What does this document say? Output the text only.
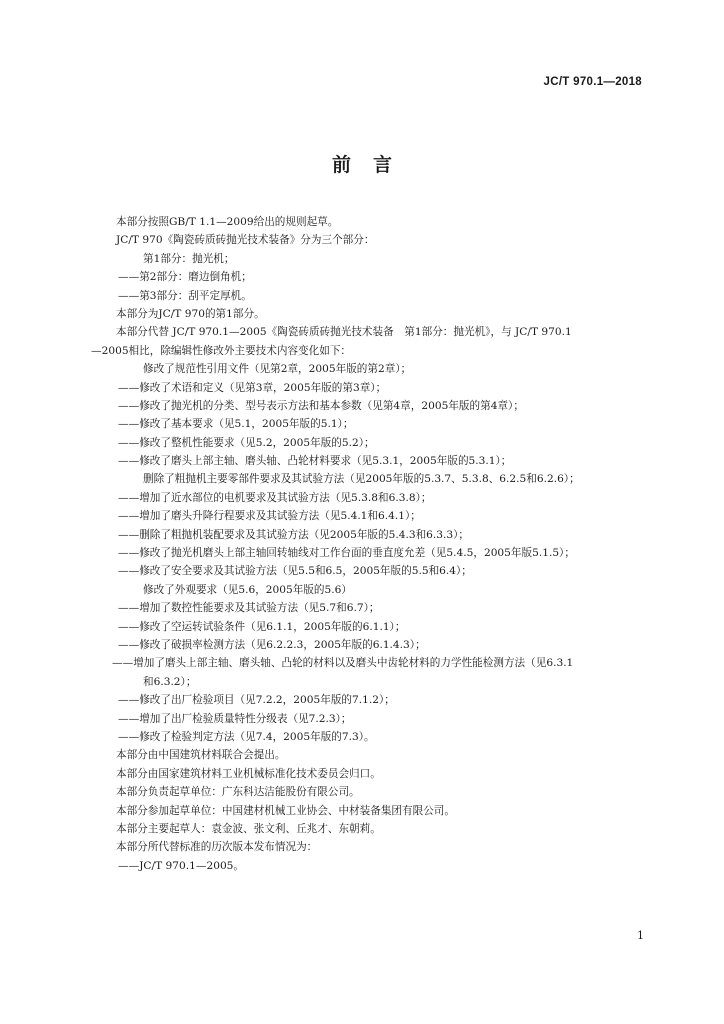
JC/T 970.1—2018
前言
本部分按照GB/T 1.1—2009给出的规则起草。
JC/T 970《陶瓷砖质砖抛光技术装备》分为三个部分：
第1部分：抛光机；
——第2部分：磨边倒角机；
——第3部分：刮平定厚机。
本部分为JC/T 970的第1部分。
本部分代替 JC/T 970.1—2005《陶瓷砖质砖抛光技术装备　第1部分：抛光机》，与 JC/T 970.1
—2005相比，除编辑性修改外主要技术内容变化如下：
修改了规范性引用文件（见第2章，2005年版的第2章）；
——修改了术语和定义（见第3章，2005年版的第3章）；
——修改了抛光机的分类、型号表示方法和基本参数（见第4章，2005年版的第4章）；
——修改了基本要求（见5.1，2005年版的5.1）；
——修改了整机性能要求（见5.2，2005年版的5.2）；
——修改了磨头上部主轴、磨头轴、凸轮材料要求（见5.3.1，2005年版的5.3.1）；
删除了粗抛机主要零部件要求及其试验方法（见2005年版的5.3.7、5.3.8、6.2.5和6.2.6）；
——增加了近水部位的电机要求及其试验方法（见5.3.8和6.3.8）；
——增加了磨头升降行程要求及其试验方法（见5.4.1和6.4.1）；
——删除了粗抛机装配要求及其试验方法（见2005年版的5.4.3和6.3.3）；
——修改了抛光机磨头上部主轴回转轴线对工作台面的垂直度允差（见5.4.5，2005年版5.1.5）；
——修改了安全要求及其试验方法（见5.5和6.5，2005年版的5.5和6.4）；
修改了外观要求（见5.6，2005年版的5.6）
——增加了数控性能要求及其试验方法（见5.7和6.7）；
——修改了空运转试验条件（见6.1.1，2005年版的6.1.1）；
——修改了破损率检测方法（见6.2.2.3，2005年版的6.1.4.3）；
——增加了磨头上部主轴、磨头轴、凸轮的材料以及磨头中齿轮材料的力学性能检测方法（见6.3.1
和6.3.2）；
——修改了出厂检验项目（见7.2.2，2005年版的7.1.2）；
——增加了出厂检验质量特性分级表（见7.2.3）；
——修改了检验判定方法（见7.4，2005年版的7.3）。
本部分由中国建筑材料联合会提出。
本部分由国家建筑材料工业机械标准化技术委员会归口。
本部分负责起草单位：广东科达洁能股份有限公司。
本部分参加起草单位：中国建材机械工业协会、中材装备集团有限公司。
本部分主要起草人：袁金波、张文利、丘兆才、东朝莉。
本部分所代替标准的历次版本发布情况为：
——JC/T 970.1—2005。
1
